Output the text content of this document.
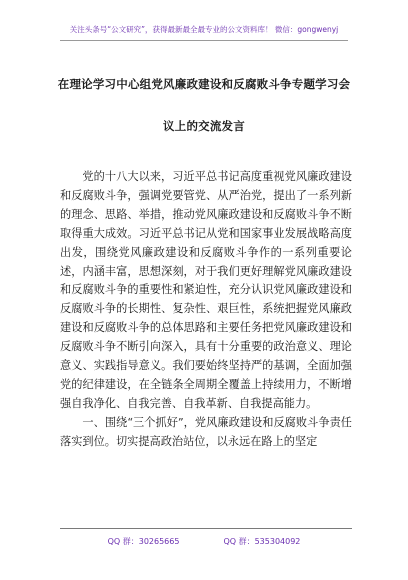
关注头条号“公文研究”，获得最新最全最专业的公文资料库！ 微信：gongwenyj
在理论学习中心组党风廉政建设和反腐败斗争专题学习会
议上的交流发言

党的十八大以来，习近平总书记高度重视党风廉政建设和反腐败斗争，强调党要管党、从严治党，提出了一系列新的理念、思路、举措，推动党风廉政建设和反腐败斗争不断取得重大成效。习近平总书记从党和国家事业发展战略高度出发，围绕党风廉政建设和反腐败斗争作的一系列重要论述，内涵丰富，思想深刻，对于我们更好理解党风廉政建设和反腐败斗争的重要性和紧迫性，充分认识党风廉政建设和反腐败斗争的长期性、复杂性、艰巨性，系统把握党风廉政建设和反腐败斗争的总体思路和主要任务把党风廉政建设和反腐败斗争不断引向深入，具有十分重要的政治意义、理论意义、实践指导意义。我们要始终坚持严的基调，全面加强党的纪律建设，在全链条全周期全覆盖上持续用力，不断增强自我净化、自我完善、自我革新、自我提高能力。

一、围绕“三个抓好”，党风廉政建设和反腐败斗争责任落实到位。切实提高政治站位，以永远在路上的坚定

QQ 群：30265665	QQ 群：535304092
